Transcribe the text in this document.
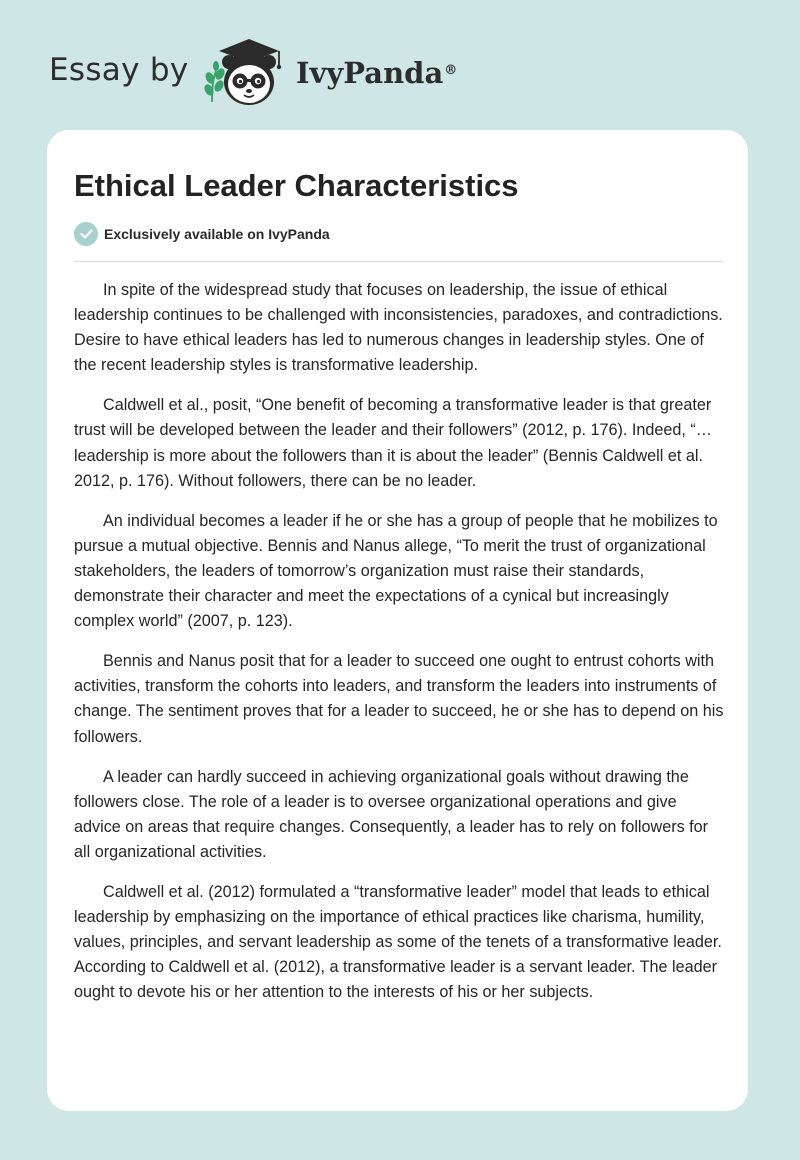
Essay by	IvyPanda®
Ethical Leader Characteristics
Exclusively available on IvyPanda

In spite of the widespread study that focuses on leadership, the issue of ethical leadership continues to be challenged with inconsistencies, paradoxes, and contradictions. Desire to have ethical leaders has led to numerous changes in leadership styles. One of the recent leadership styles is transformative leadership.

Caldwell et al., posit, “One benefit of becoming a transformative leader is that greater trust will be developed between the leader and their followers” (2012, p. 176). Indeed, “…leadership is more about the followers than it is about the leader” (Bennis Caldwell et al. 2012, p. 176). Without followers, there can be no leader.

An individual becomes a leader if he or she has a group of people that he mobilizes to pursue a mutual objective. Bennis and Nanus allege, “To merit the trust of organizational stakeholders, the leaders of tomorrow’s organization must raise their standards, demonstrate their character and meet the expectations of a cynical but increasingly complex world” (2007, p. 123).

Bennis and Nanus posit that for a leader to succeed one ought to entrust cohorts with activities, transform the cohorts into leaders, and transform the leaders into instruments of change. The sentiment proves that for a leader to succeed, he or she has to depend on his followers.

A leader can hardly succeed in achieving organizational goals without drawing the followers close. The role of a leader is to oversee organizational operations and give advice on areas that require changes. Consequently, a leader has to rely on followers for all organizational activities.

Caldwell et al. (2012) formulated a “transformative leader” model that leads to ethical leadership by emphasizing on the importance of ethical practices like charisma, humility, values, principles, and servant leadership as some of the tenets of a transformative leader. According to Caldwell et al. (2012), a transformative leader is a servant leader. The leader ought to devote his or her attention to the interests of his or her subjects.
